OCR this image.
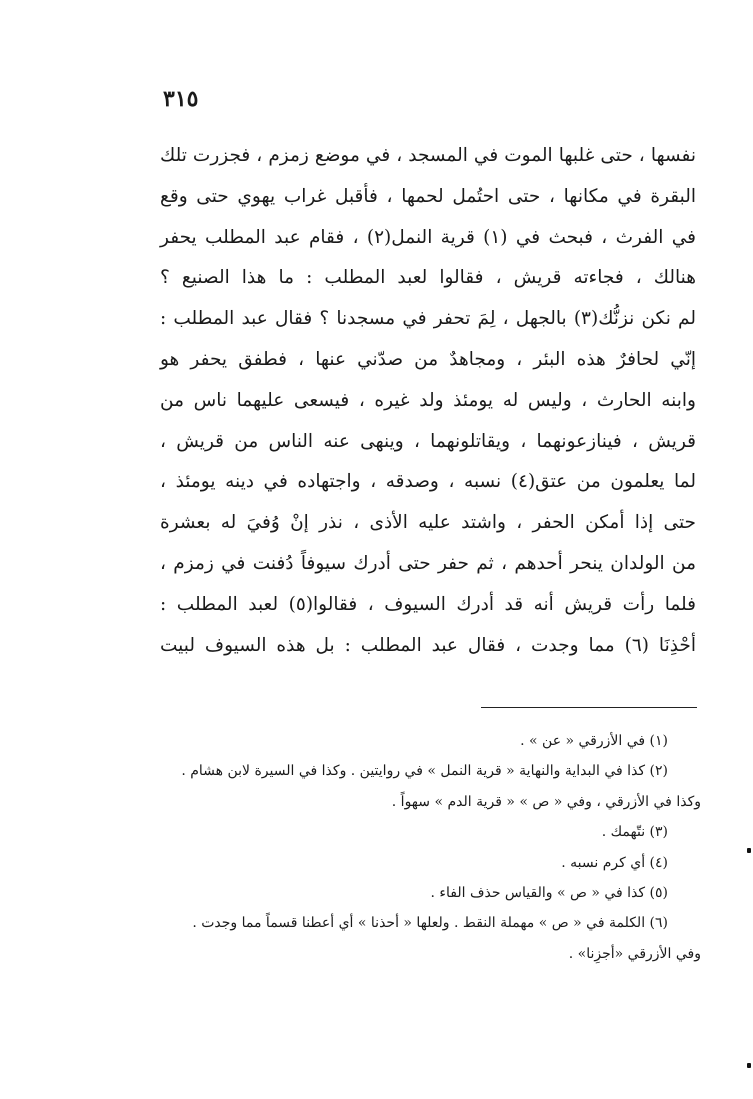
٣١٥
نفسها ، حتى غلبها الموت في المسجد ، في موضع زمزم ، فجزرت تلك
البقرة في مكانها ، حتى احتُمل لحمها ، فأقبل غراب يهوي حتى وقع
في الفرث ، فبحث في (١) قرية النمل(٢) ، فقام عبد المطلب يحفر
هنالك ، فجاءته قريش ، فقالوا لعبد المطلب : ما هذا الصنيع ؟
لم نكن نزنُّك(٣) بالجهل ، لِمَ تحفر في مسجدنا ؟ فقال عبد المطلب :
إنّي لحافرٌ هذه البئر ، ومجاهدٌ من صدّني عنها ، فطفق يحفر هو
وابنه الحارث ، وليس له يومئذ ولد غيره ، فيسعى عليهما ناس من
قريش ، فينازعونهما ، ويقاتلونهما ، وينهى عنه الناس من قريش ،
لما يعلمون من عتق(٤) نسبه ، وصدقه ، واجتهاده في دينه يومئذ ،
حتى إذا أمكن الحفر ، واشتد عليه الأذى ، نذر إنْ وُفيَ له بعشرة
من الولدان ينحر أحدهم ، ثم حفر حتى أدرك سيوفاً دُفنت في زمزم ،
فلما رأت قريش أنه قد أدرك السيوف ، فقالوا(٥) لعبد المطلب :
أحْذِنَا (٦) مما وجدت ، فقال عبد المطلب : بل هذه السيوف لبيت
(١) في الأزرقي « عن » .
(٢) كذا في البداية والنهاية « قرية النمل » في روايتين . وكذا في السيرة لابن هشام .
وكذا في الأزرقي ، وفي « ص » « قرية الدم » سهواً .
(٣) نتّهمك .
(٤) أي كرم نسبه .
(٥) كذا في « ص » والقياس حذف الفاء .
(٦) الكلمة في « ص » مهملة النقط . ولعلها « أحذنا » أي أعطنا قسماً مما وجدت .
وفي الأزرقي «أجزِنا» .
